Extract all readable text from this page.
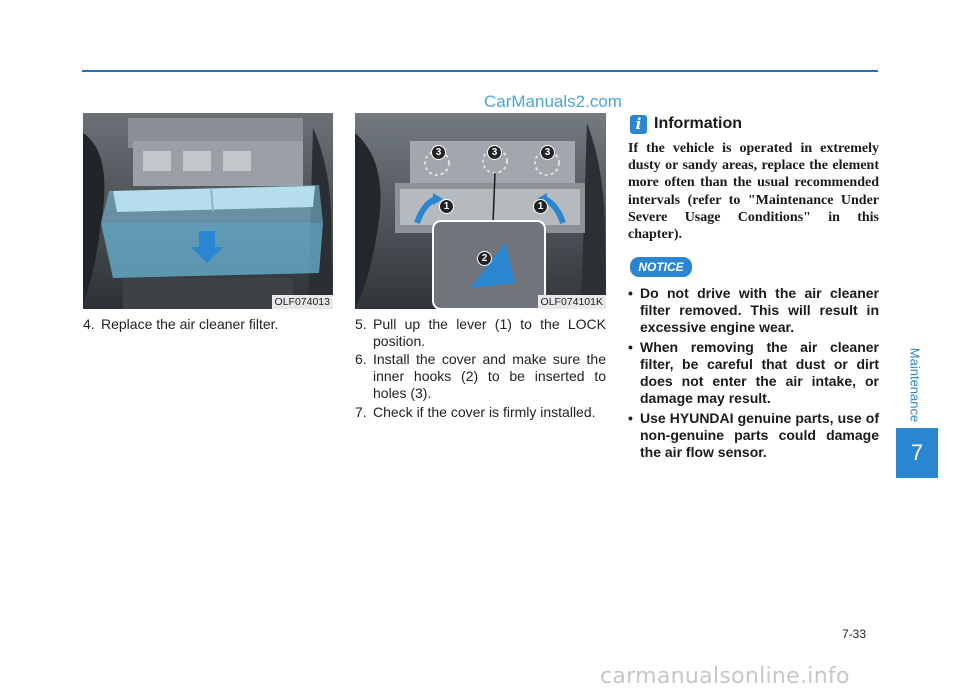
CarManuals2.com
OLF074013
3	3	3
1	1
2
OLF074101K
4. Replace the air cleaner filter.	5. Pull up the lever (1) to the LOCK position.
6. Install the cover and make sure the inner hooks (2) to be inserted to holes (3).
7. Check if the cover is firmly installed.
i Information
If the vehicle is operated in extremely dusty or sandy areas, replace the element more often than the usual recommended intervals (refer to "Maintenance Under Severe Usage Conditions" in this chapter).
NOTICE
• Do not drive with the air cleaner filter removed. This will result in excessive engine wear.
• When removing the air cleaner filter, be careful that dust or dirt does not enter the air intake, or damage may result.
• Use HYUNDAI genuine parts, use of non-genuine parts could damage the air flow sensor.
Maintenance
7
7-33
carmanualsonline.info
